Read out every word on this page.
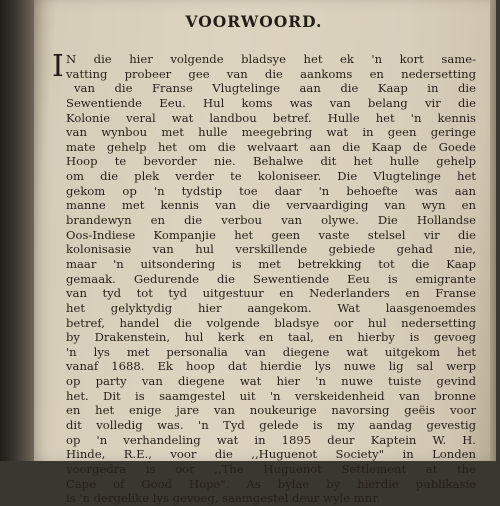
VOORWOORD.
I N die hier volgende bladsye het ek 'n kort same-
vatting probeer gee van die aankoms en nedersetting
van die Franse Vlugtelinge aan die Kaap in die
Sewentiende Eeu. Hul koms was van belang vir die
Kolonie veral wat landbou betref. Hulle het 'n kennis
van wynbou met hulle meegebring wat in geen geringe
mate gehelp het om die welvaart aan die Kaap de Goede
Hoop te bevorder nie. Behalwe dit het hulle gehelp
om die plek verder te koloniseer. Die Vlugtelinge het
gekom op 'n tydstip toe daar 'n behoefte was aan
manne met kennis van die vervaardiging van wyn en
brandewyn en die verbou van olywe. Die Hollandse
Oos-Indiese Kompanjie het geen vaste stelsel vir die
kolonisasie van hul verskillende gebiede gehad nie,
maar 'n uitsondering is met betrekking tot die Kaap
gemaak. Gedurende die Sewentiende Eeu is emigrante
van tyd tot tyd uitgestuur en Nederlanders en Franse
het gelyktydig hier aangekom. Wat laasgenoemdes
betref, handel die volgende bladsye oor hul nedersetting
by Drakenstein, hul kerk en taal, en hierby is gevoeg
'n lys met personalia van diegene wat uitgekom het
vanaf 1688. Ek hoop dat hierdie lys nuwe lig sal werp
op party van diegene wat hier 'n nuwe tuiste gevind
het. Dit is saamgestel uit 'n verskeidenheid van bronne
en het enige jare van noukeurige navorsing geëis voor
dit volledig was. 'n Tyd gelede is my aandag gevestig
op 'n verhandeling wat in 1895 deur Kaptein W. H.
Hinde, R.E., voor die ,,Huguenot Society" in Londen
voorgedra is oor ,,The Huguenot Settlement at the
Cape of Good Hope". As bylae by hierdie publikasie
is 'n dergelike lys gevoeg, saamgestel deur wyle mnr.
